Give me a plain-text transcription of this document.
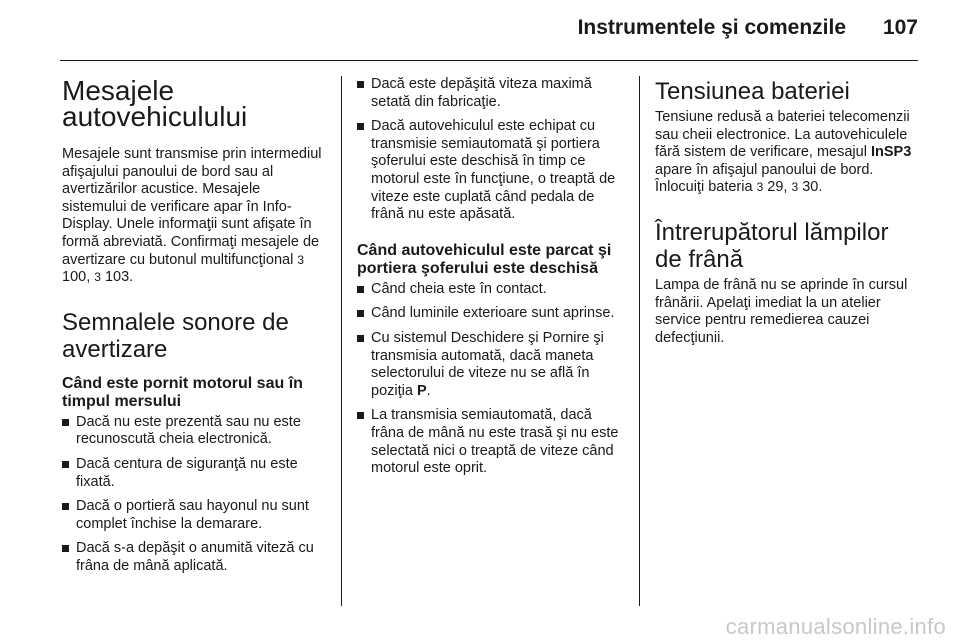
Instrumentele şi comenzile 107
Mesajele autovehiculului

Mesajele sunt transmise prin intermediul afişajului panoului de bord sau al avertizărilor acustice. Mesajele sistemului de verificare apar în Info-Display. Unele informaţii sunt afişate în formă abreviată. Confirmaţi mesajele de avertizare cu butonul multifuncţional 3 100, 3 103.

Semnalele sonore de avertizare
Când este pornit motorul sau în timpul mersului
Dacă nu este prezentă sau nu este recunoscută cheia electronică.
Dacă centura de siguranţă nu este fixată.
Dacă o portieră sau hayonul nu sunt complet închise la demarare.
Dacă s-a depăşit o anumită viteză cu frâna de mână aplicată.
Dacă este depăşită viteza maximă setată din fabricaţie.
Dacă autovehiculul este echipat cu transmisie semiautomată şi portiera şoferului este deschisă în timp ce motorul este în funcţiune, o treaptă de viteze este cuplată când pedala de frână nu este apăsată.
Când autovehiculul este parcat şi portiera şoferului este deschisă
Când cheia este în contact.
Când luminile exterioare sunt aprinse.
Cu sistemul Deschidere şi Pornire şi transmisia automată, dacă maneta selectorului de viteze nu se află în poziţia P.
La transmisia semiautomată, dacă frâna de mână nu este trasă şi nu este selectată nici o treaptă de viteze când motorul este oprit.
Tensiunea bateriei

Tensiune redusă a bateriei telecomenzii sau cheii electronice. La autovehiculele fără sistem de verificare, mesajul InSP3 apare în afişajul panoului de bord. Înlocuiţi bateria 3 29, 3 30.

Întrerupătorul lămpilor de frână

Lampa de frână nu se aprinde în cursul frânării. Apelaţi imediat la un atelier service pentru remedierea cauzei defecţiunii.

carmanualsonline.info
